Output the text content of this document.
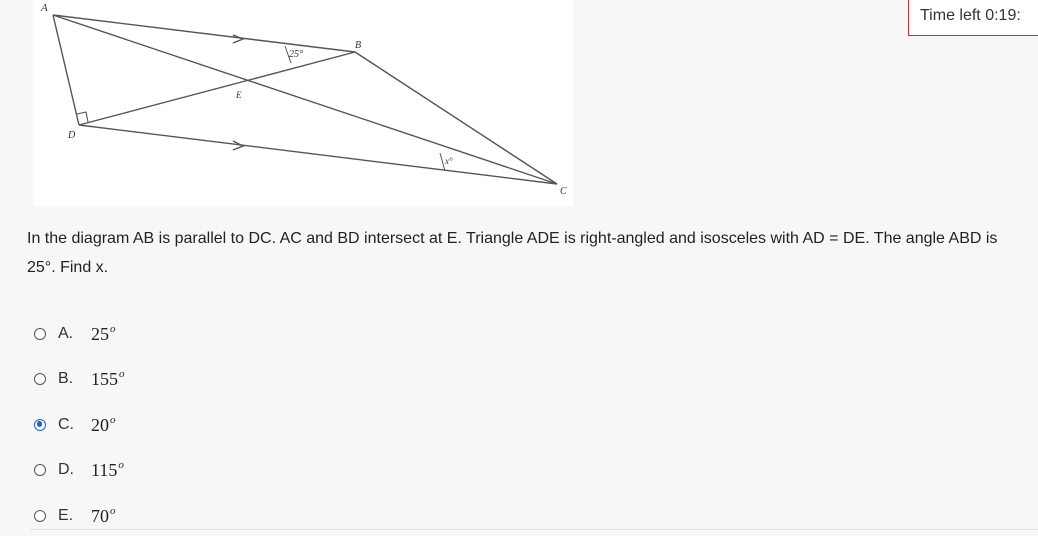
A
B
C
D
E
25°
x°
Time left 0:19:
In the diagram AB is parallel to DC. AC and BD intersect at E. Triangle ADE is right-angled and isosceles with AD = DE. The angle ABD is 25°. Find x.
A. 25$^o$
B. 155$^o$
C. 20$^o$
D. 115$^o$
E. 70$^o$
